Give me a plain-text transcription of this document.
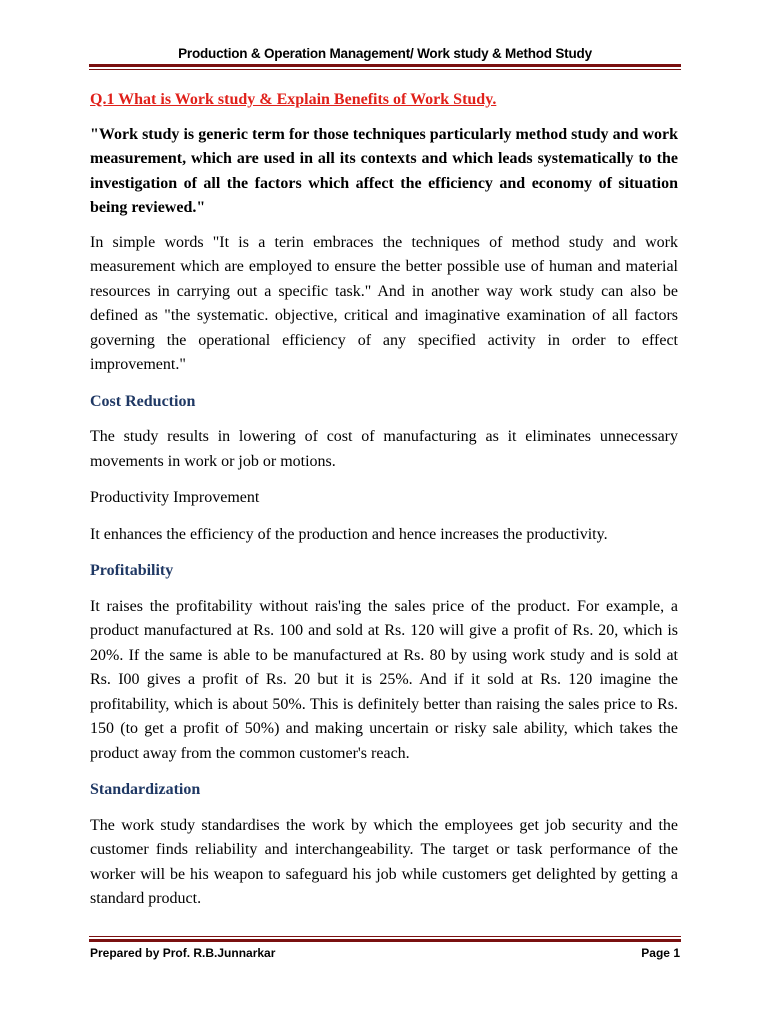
Production & Operation Management/ Work study & Method Study

Q.1 What is Work study & Explain Benefits of Work Study.

"Work study is generic term for those techniques particularly method study and work measurement, which are used in all its contexts and which leads systematically to the investigation of all the factors which affect the efficiency and economy of situation being reviewed."

In simple words "It is a terin embraces the techniques of method study and work measurement which are employed to ensure the better possible use of human and material resources in carrying out a specific task." And in another way work study can also be defined as "the systematic. objective, critical and imaginative examination of all factors governing the operational efficiency of any specified activity in order to effect improvement."

Cost Reduction

The study results in lowering of cost of manufacturing as it eliminates unnecessary movements in work or job or motions.

Productivity Improvement

It enhances the efficiency of the production and hence increases the productivity.

Profitability

It raises the profitability without rais'ing the sales price of the product. For example, a product manufactured at Rs. 100 and sold at Rs. 120 will give a profit of Rs. 20, which is 20%. If the same is able to be manufactured at Rs. 80 by using work study and is sold at Rs. I00 gives a profit of Rs. 20 but it is 25%. And if it sold at Rs. 120 imagine the profitability, which is about 50%. This is definitely better than raising the sales price to Rs. 150 (to get a profit of 50%) and making uncertain or risky sale ability, which takes the product away from the common customer's reach.

Standardization

The work study standardises the work by which the employees get job security and the customer finds reliability and interchangeability. The target or task performance of the worker will be his weapon to safeguard his job while customers get delighted by getting a standard product.

Prepared by Prof. R.B.Junnarkar	Page 1
